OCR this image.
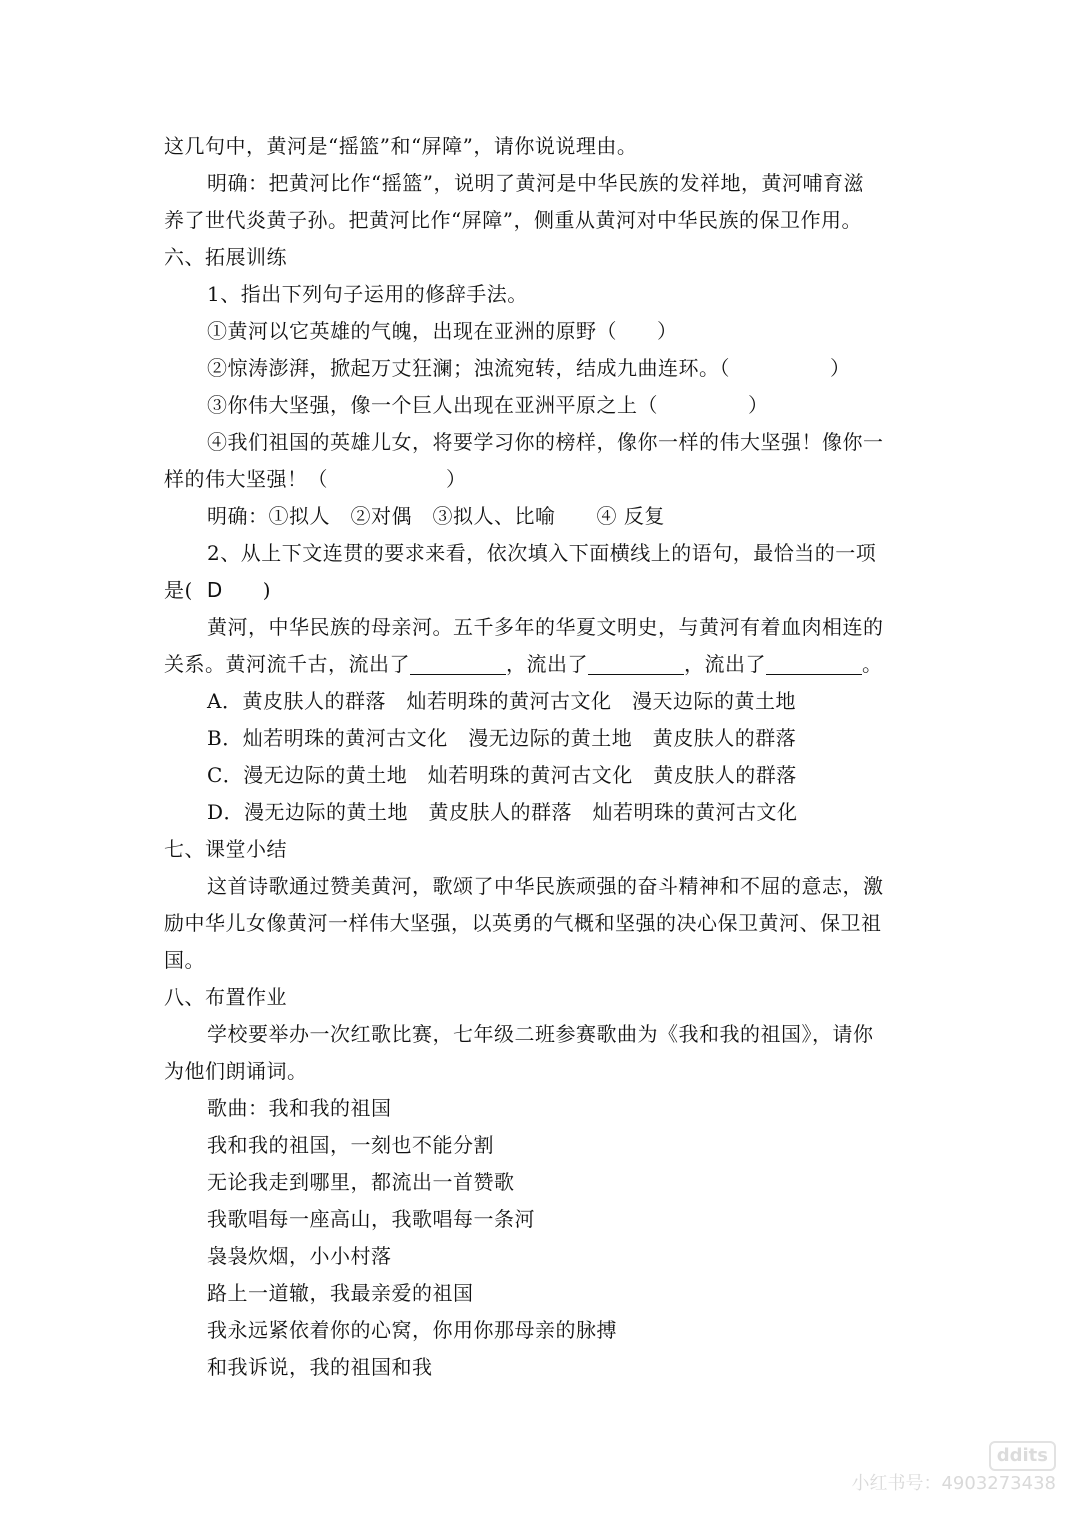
这几句中，黄河是“摇篮”和“屏障”，请你说说理由。
明确：把黄河比作“摇篮”，说明了黄河是中华民族的发祥地，黄河哺育滋
养了世代炎黄子孙。把黄河比作“屏障”，侧重从黄河对中华民族的保卫作用。
六、拓展训练
1、指出下列句子运用的修辞手法。
①黄河以它英雄的气魄，出现在亚洲的原野（ ）
②惊涛澎湃，掀起万丈狂澜；浊流宛转，结成九曲连环。（	）
③你伟大坚强，像一个巨人出现在亚洲平原之上（	）
④我们祖国的英雄儿女，将要学习你的榜样，像你一样的伟大坚强！像你一
样的伟大坚强！（	）
明确：①拟人　②对偶　③拟人、比喻　　④ 反复
2、从上下文连贯的要求来看，依次填入下面横线上的语句，最恰当的一项
是( D )
黄河，中华民族的母亲河。五千多年的华夏文明史，与黄河有着血肉相连的
关系。黄河流千古，流出了	，流出了	，流出了	。
A．黄皮肤人的群落　灿若明珠的黄河古文化　漫天边际的黄土地
B．灿若明珠的黄河古文化　漫无边际的黄土地　黄皮肤人的群落
C．漫无边际的黄土地　灿若明珠的黄河古文化　黄皮肤人的群落
D．漫无边际的黄土地　黄皮肤人的群落　灿若明珠的黄河古文化
七、课堂小结
这首诗歌通过赞美黄河，歌颂了中华民族顽强的奋斗精神和不屈的意志，激
励中华儿女像黄河一样伟大坚强，以英勇的气概和坚强的决心保卫黄河、保卫祖
国。
八、布置作业
学校要举办一次红歌比赛，七年级二班参赛歌曲为《我和我的祖国》，请你
为他们朗诵词。
歌曲：我和我的祖国
我和我的祖国，一刻也不能分割
无论我走到哪里，都流出一首赞歌
我歌唱每一座高山，我歌唱每一条河
袅袅炊烟，小小村落
路上一道辙，我最亲爱的祖国
我永远紧依着你的心窝，你用你那母亲的脉搏
和我诉说，我的祖国和我
ddits
小红书号：4903273438
